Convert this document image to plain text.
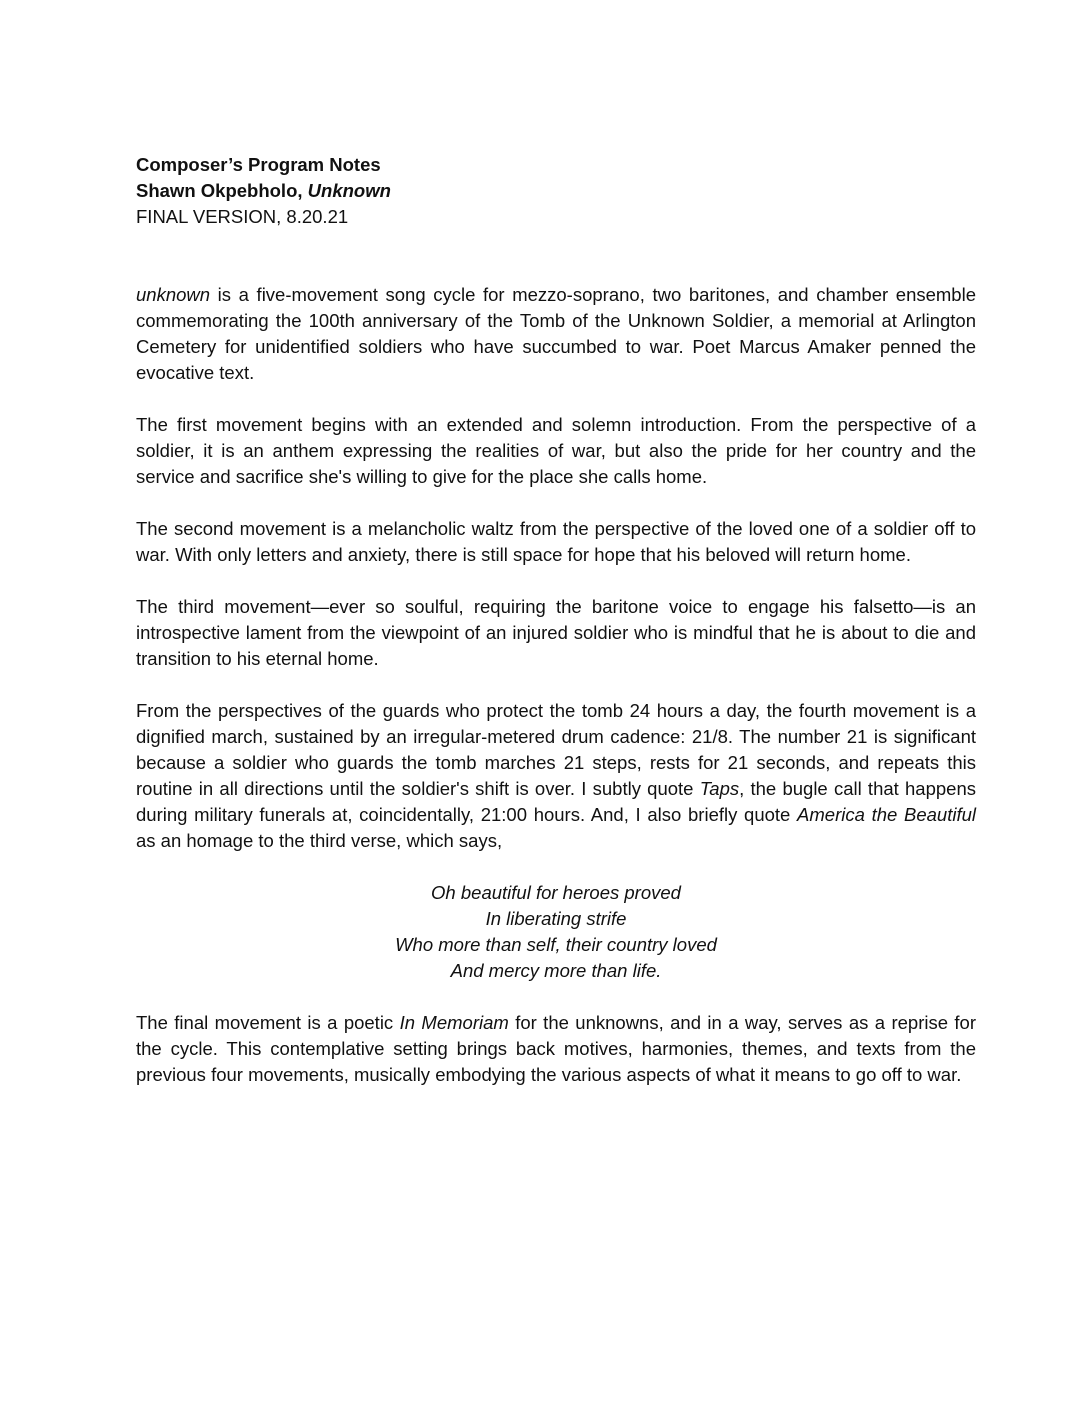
Composer’s Program Notes

Shawn Okpebholo, Unknown

FINAL VERSION, 8.20.21

unknown is a five-movement song cycle for mezzo-soprano, two baritones, and chamber ensemble commemorating the 100th anniversary of the Tomb of the Unknown Soldier, a memorial at Arlington Cemetery for unidentified soldiers who have succumbed to war. Poet Marcus Amaker penned the evocative text.

The first movement begins with an extended and solemn introduction. From the perspective of a soldier, it is an anthem expressing the realities of war, but also the pride for her country and the service and sacrifice she's willing to give for the place she calls home.

The second movement is a melancholic waltz from the perspective of the loved one of a soldier off to war. With only letters and anxiety, there is still space for hope that his beloved will return home.

The third movement—ever so soulful, requiring the baritone voice to engage his falsetto—is an introspective lament from the viewpoint of an injured soldier who is mindful that he is about to die and transition to his eternal home.

From the perspectives of the guards who protect the tomb 24 hours a day, the fourth movement is a dignified march, sustained by an irregular-metered drum cadence: 21/8. The number 21 is significant because a soldier who guards the tomb marches 21 steps, rests for 21 seconds, and repeats this routine in all directions until the soldier's shift is over. I subtly quote Taps, the bugle call that happens during military funerals at, coincidentally, 21:00 hours. And, I also briefly quote America the Beautiful as an homage to the third verse, which says,

Oh beautiful for heroes proved
In liberating strife
Who more than self, their country loved
And mercy more than life.

The final movement is a poetic In Memoriam for the unknowns, and in a way, serves as a reprise for the cycle. This contemplative setting brings back motives, harmonies, themes, and texts from the previous four movements, musically embodying the various aspects of what it means to go off to war.
